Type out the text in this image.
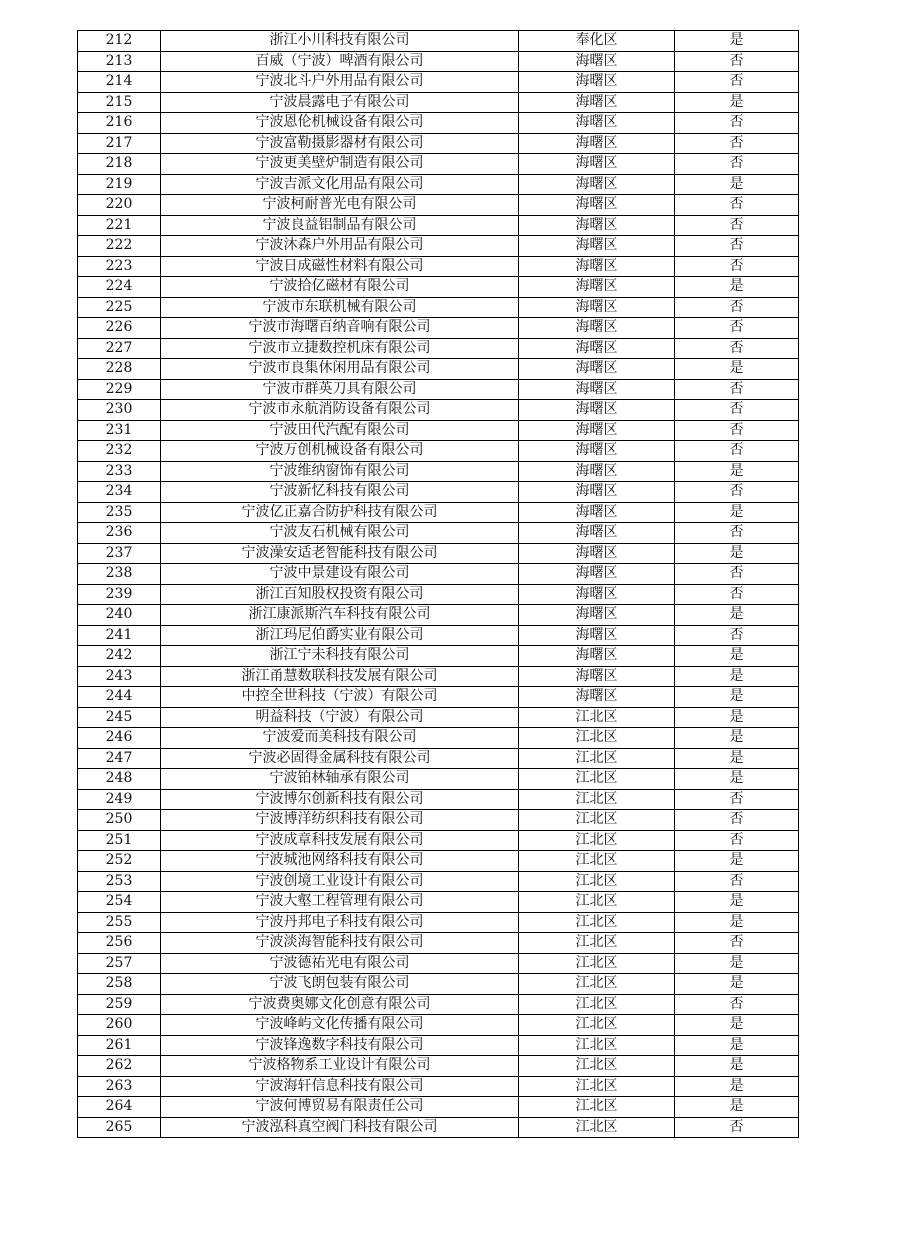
212	浙江小川科技有限公司	奉化区	是
213	百威（宁波）啤酒有限公司	海曙区	否
214	宁波北斗户外用品有限公司	海曙区	否
215	宁波晨露电子有限公司	海曙区	是
216	宁波恩伦机械设备有限公司	海曙区	否
217	宁波富勒摄影器材有限公司	海曙区	否
218	宁波更美壁炉制造有限公司	海曙区	否
219	宁波吉派文化用品有限公司	海曙区	是
220	宁波柯耐普光电有限公司	海曙区	否
221	宁波良益铝制品有限公司	海曙区	否
222	宁波沐森户外用品有限公司	海曙区	否
223	宁波日成磁性材料有限公司	海曙区	否
224	宁波拾亿磁材有限公司	海曙区	是
225	宁波市东联机械有限公司	海曙区	否
226	宁波市海曙百纳音响有限公司	海曙区	否
227	宁波市立捷数控机床有限公司	海曙区	否
228	宁波市良集休闲用品有限公司	海曙区	是
229	宁波市群英刀具有限公司	海曙区	否
230	宁波市永航消防设备有限公司	海曙区	否
231	宁波田代汽配有限公司	海曙区	否
232	宁波万创机械设备有限公司	海曙区	否
233	宁波维纳窗饰有限公司	海曙区	是
234	宁波新忆科技有限公司	海曙区	否
235	宁波亿正嘉合防护科技有限公司	海曙区	是
236	宁波友石机械有限公司	海曙区	否
237	宁波澡安适老智能科技有限公司	海曙区	是
238	宁波中景建设有限公司	海曙区	否
239	浙江百知股权投资有限公司	海曙区	否
240	浙江康派斯汽车科技有限公司	海曙区	是
241	浙江玛尼伯爵实业有限公司	海曙区	否
242	浙江宁未科技有限公司	海曙区	是
243	浙江甬慧数联科技发展有限公司	海曙区	是
244	中控全世科技（宁波）有限公司	海曙区	是
245	明益科技（宁波）有限公司	江北区	是
246	宁波爱而美科技有限公司	江北区	是
247	宁波必固得金属科技有限公司	江北区	是
248	宁波铂林轴承有限公司	江北区	是
249	宁波博尔创新科技有限公司	江北区	否
250	宁波博洋纺织科技有限公司	江北区	否
251	宁波成章科技发展有限公司	江北区	否
252	宁波城池网络科技有限公司	江北区	是
253	宁波创境工业设计有限公司	江北区	否
254	宁波大壑工程管理有限公司	江北区	是
255	宁波丹邦电子科技有限公司	江北区	是
256	宁波淡海智能科技有限公司	江北区	否
257	宁波德祐光电有限公司	江北区	是
258	宁波飞朗包装有限公司	江北区	是
259	宁波费奥娜文化创意有限公司	江北区	否
260	宁波峰屿文化传播有限公司	江北区	是
261	宁波锋逸数字科技有限公司	江北区	是
262	宁波格物系工业设计有限公司	江北区	是
263	宁波海轩信息科技有限公司	江北区	是
264	宁波何博贸易有限责任公司	江北区	是
265	宁波泓科真空阀门科技有限公司	江北区	否
